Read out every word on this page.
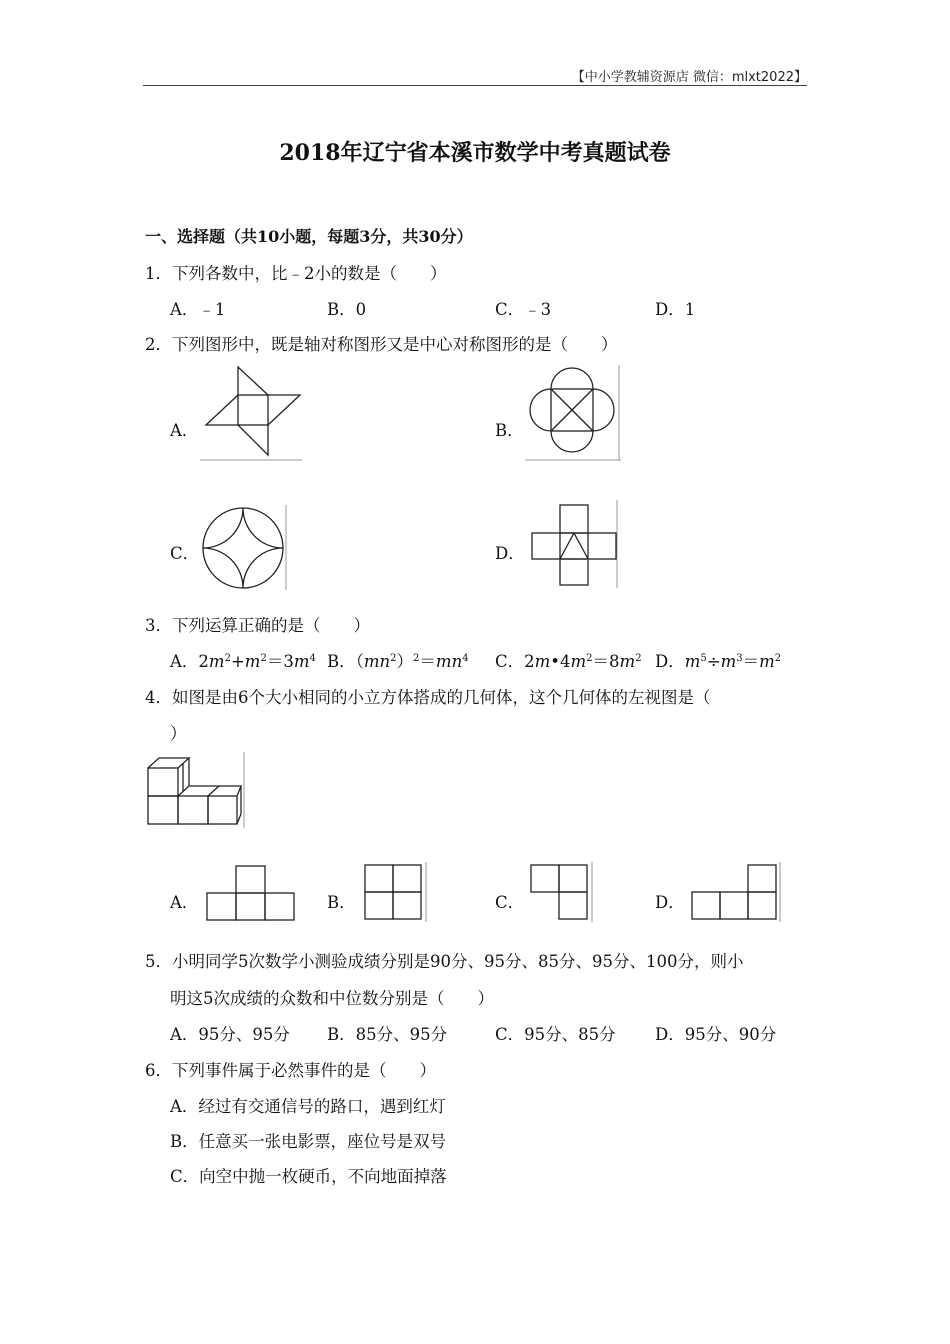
【中小学教辅资源店 微信：mlxt2022】
2018年辽宁省本溪市数学中考真题试卷
一、选择题（共10小题，每题3分，共30分）
1．下列各数中，比﹣2小的数是（　　）
A．﹣1	B．0	C．﹣3	D．1
2．下列图形中，既是轴对称图形又是中心对称图形的是（　　）
A．	B．
C．	D．
3．下列运算正确的是（　　）
A．$2m^2+m^2=3m^4$ B．$(mn^2)^2=mn^4$ C．$2m•4m^2=8m^2$ D．$m^5\div m^3=m^2$
4．如图是由6个大小相同的小立方体搭成的几何体，这个几何体的左视图是（
）
A．	B．	C．	D．
5．小明同学5次数学小测验成绩分别是90分、95分、85分、95分、100分，则小
明这5次成绩的众数和中位数分别是（　　）
A．95分、95分 B．85分、95分	C．95分、85分 D．95分、90分
6．下列事件属于必然事件的是（　　）
A．经过有交通信号的路口，遇到红灯
B．任意买一张电影票，座位号是双号
C．向空中抛一枚硬币，不向地面掉落
